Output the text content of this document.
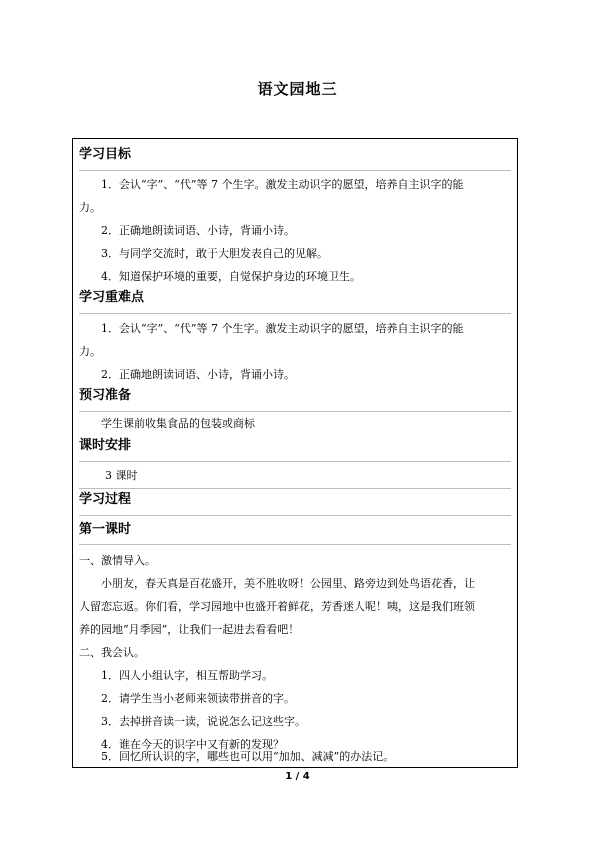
语文园地三
学习目标
1．会认“字”、“代”等 7 个生字。激发主动识字的愿望，培养自主识字的能
力。
2．正确地朗读词语、小诗，背诵小诗。
3．与同学交流时，敢于大胆发表自己的见解。
4．知道保护环境的重要，自觉保护身边的环境卫生。
学习重难点
1．会认“字”、“代”等 7 个生字。激发主动识字的愿望，培养自主识字的能
力。
2．正确地朗读词语、小诗，背诵小诗。
预习准备
学生课前收集食品的包装或商标
课时安排
3 课时
学习过程
第一课时
一、激情导入。
小朋友，春天真是百花盛开，美不胜收呀！公园里、路旁边到处鸟语花香，让
人留恋忘返。你们看，学习园地中也盛开着鲜花，芳香迷人呢！咦，这是我们班领
养的园地“月季园”，让我们一起进去看看吧！
二、我会认。
1．四人小组认字，相互帮助学习。
2．请学生当小老师来领读带拼音的字。
3．去掉拼音读一读，说说怎么记这些字。
4．谁在今天的识字中又有新的发现？
5．回忆所认识的字，哪些也可以用“加加、减减”的办法记。
1 / 4
